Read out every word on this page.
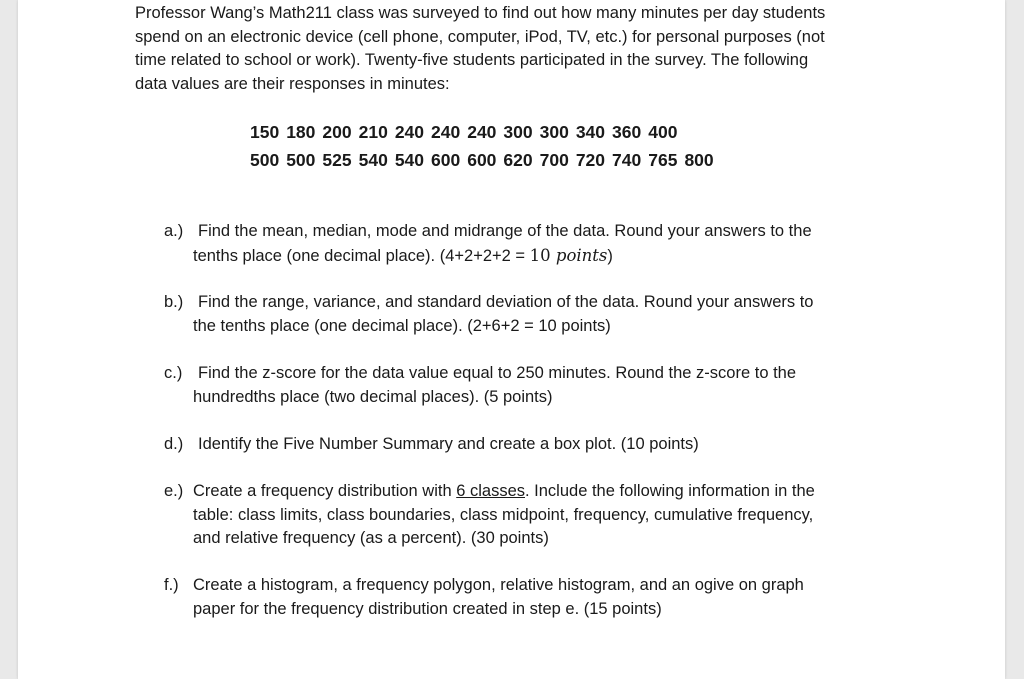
Professor Wang’s Math211 class was surveyed to find out how many minutes per day students
spend on an electronic device (cell phone, computer, iPod, TV, etc.) for personal purposes (not
time related to school or work). Twenty-five students participated in the survey. The following
data values are their responses in minutes:

150	180	200	210	240	240	240	300	300	340	360	400	
500	500	525	540	540	600	600	620	700	720	740	765	800
a.) Find the mean, median, mode and midrange of the data. Round your answers to the
tenths place (one decimal place). (4+2+2+2 = 10 points)
b.) Find the range, variance, and standard deviation of the data. Round your answers to
the tenths place (one decimal place). (2+6+2 = 10 points)
c.) Find the z-score for the data value equal to 250 minutes. Round the z-score to the
hundredths place (two decimal places). (5 points)
d.) Identify the Five Number Summary and create a box plot. (10 points)
e.) Create a frequency distribution with 6 classes. Include the following information in the
table: class limits, class boundaries, class midpoint, frequency, cumulative frequency,
and relative frequency (as a percent). (30 points)
f.) Create a histogram, a frequency polygon, relative histogram, and an ogive on graph
paper for the frequency distribution created in step e. (15 points)
